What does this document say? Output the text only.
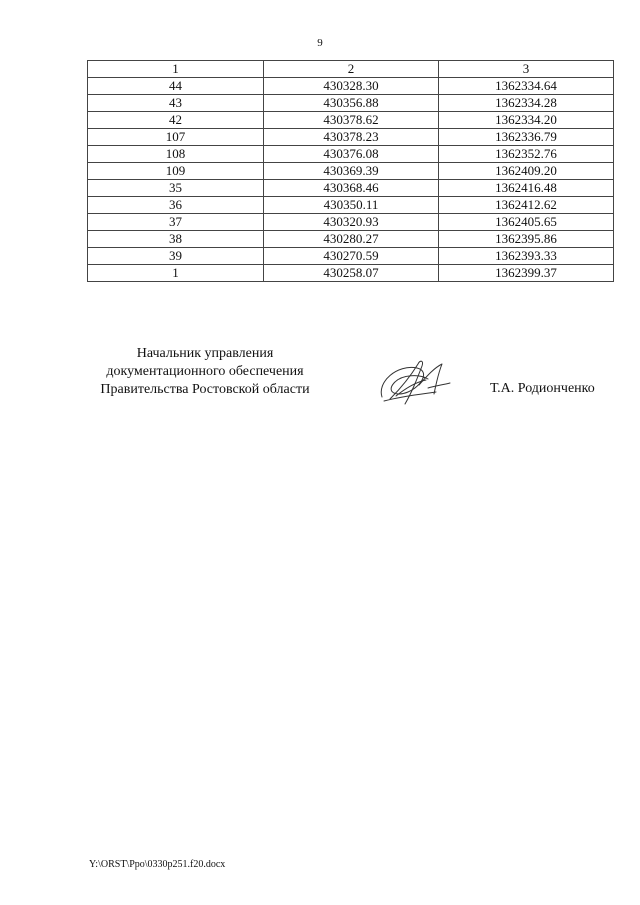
9
1	2	3
44	430328.30	1362334.64
43	430356.88	1362334.28
42	430378.62	1362334.20
107	430378.23	1362336.79
108	430376.08	1362352.76
109	430369.39	1362409.20
35	430368.46	1362416.48
36	430350.11	1362412.62
37	430320.93	1362405.65
38	430280.27	1362395.86
39	430270.59	1362393.33
1	430258.07	1362399.37
Начальник управления
документационного обеспечения
Правительства Ростовской области	Т.А. Родионченко
Y:\ORST\Ppo\0330p251.f20.docx
